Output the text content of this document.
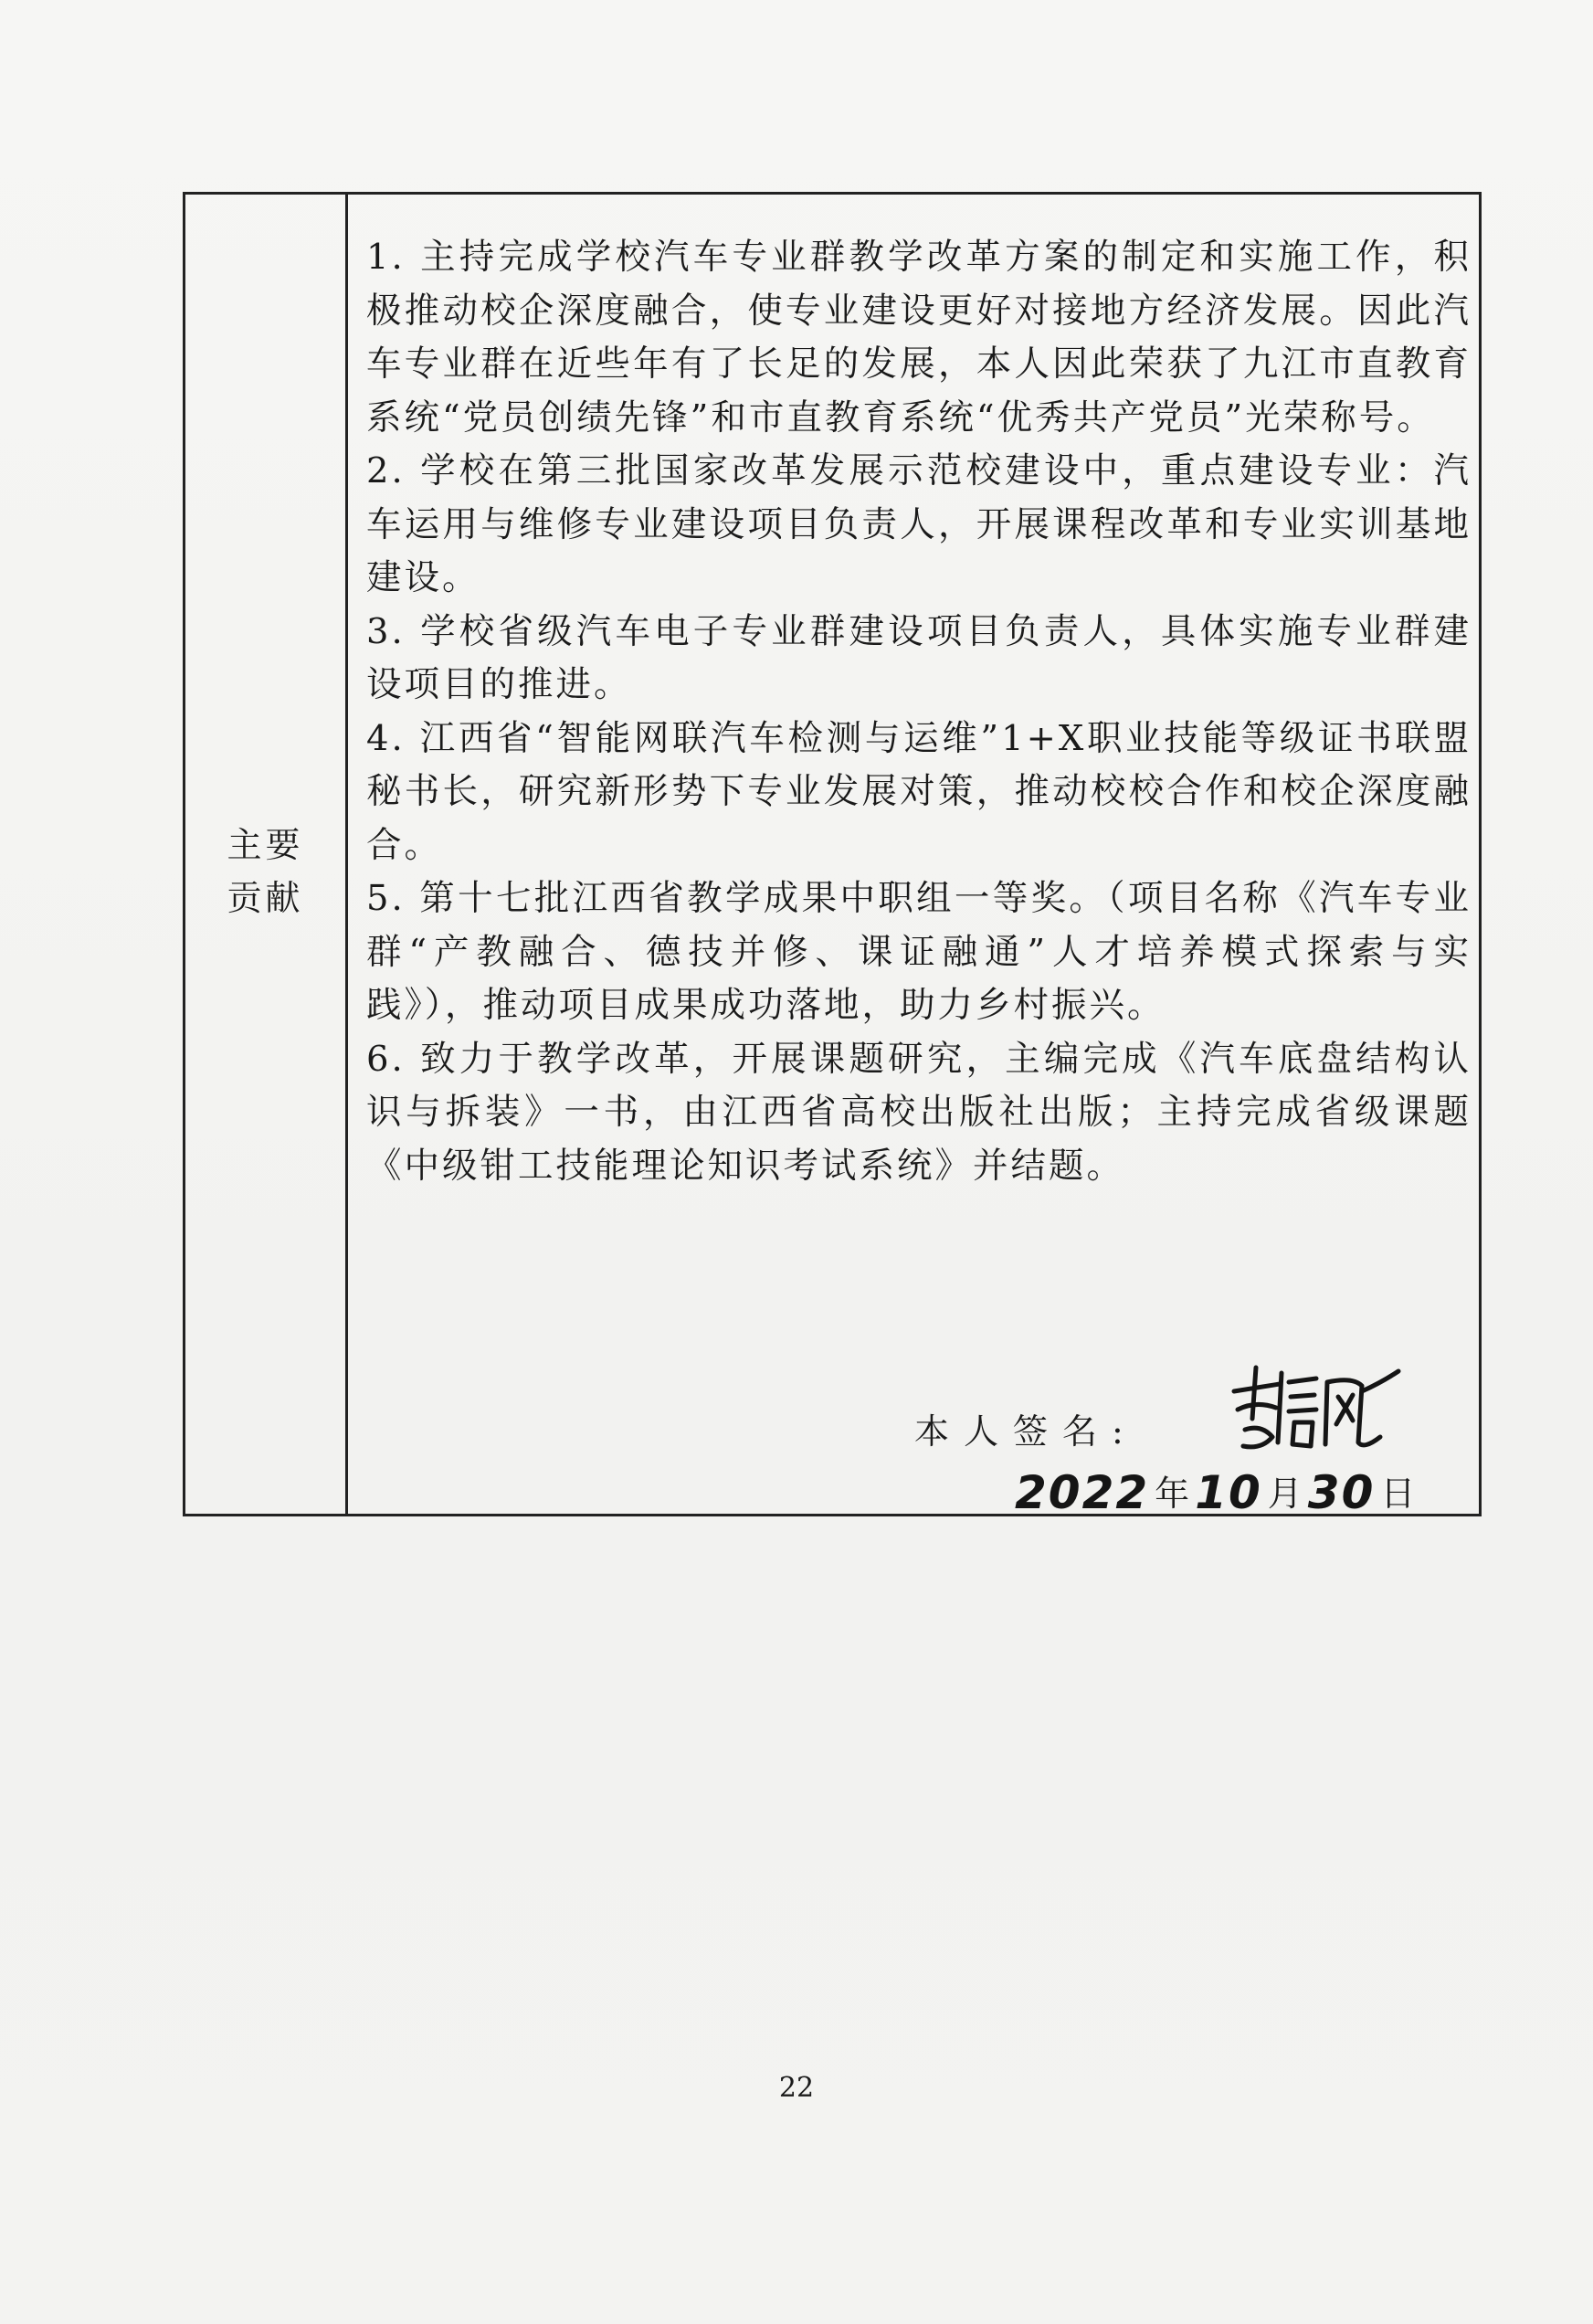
主要
贡献
1. 主持完成学校汽车专业群教学改革方案的制定和实施工作，积极推动校企深度融合，使专业建设更好对接地方经济发展。因此汽车专业群在近些年有了长足的发展，本人因此荣获了九江市直教育系统“党员创绩先锋”和市直教育系统“优秀共产党员”光荣称号。
2. 学校在第三批国家改革发展示范校建设中，重点建设专业：汽车运用与维修专业建设项目负责人，开展课程改革和专业实训基地建设。
3. 学校省级汽车电子专业群建设项目负责人，具体实施专业群建设项目的推进。
4. 江西省“智能网联汽车检测与运维”1+X职业技能等级证书联盟秘书长，研究新形势下专业发展对策，推动校校合作和校企深度融合。
5. 第十七批江西省教学成果中职组一等奖。（项目名称《汽车专业群“产教融合、德技并修、课证融通”人才培养模式探索与实践》），推动项目成果成功落地，助力乡村振兴。
6. 致力于教学改革，开展课题研究，主编完成《汽车底盘结构认识与拆装》一书，由江西省高校出版社出版；主持完成省级课题《中级钳工技能理论知识考试系统》并结题。
本人签名:
2022 年 10 月 30 日
22
